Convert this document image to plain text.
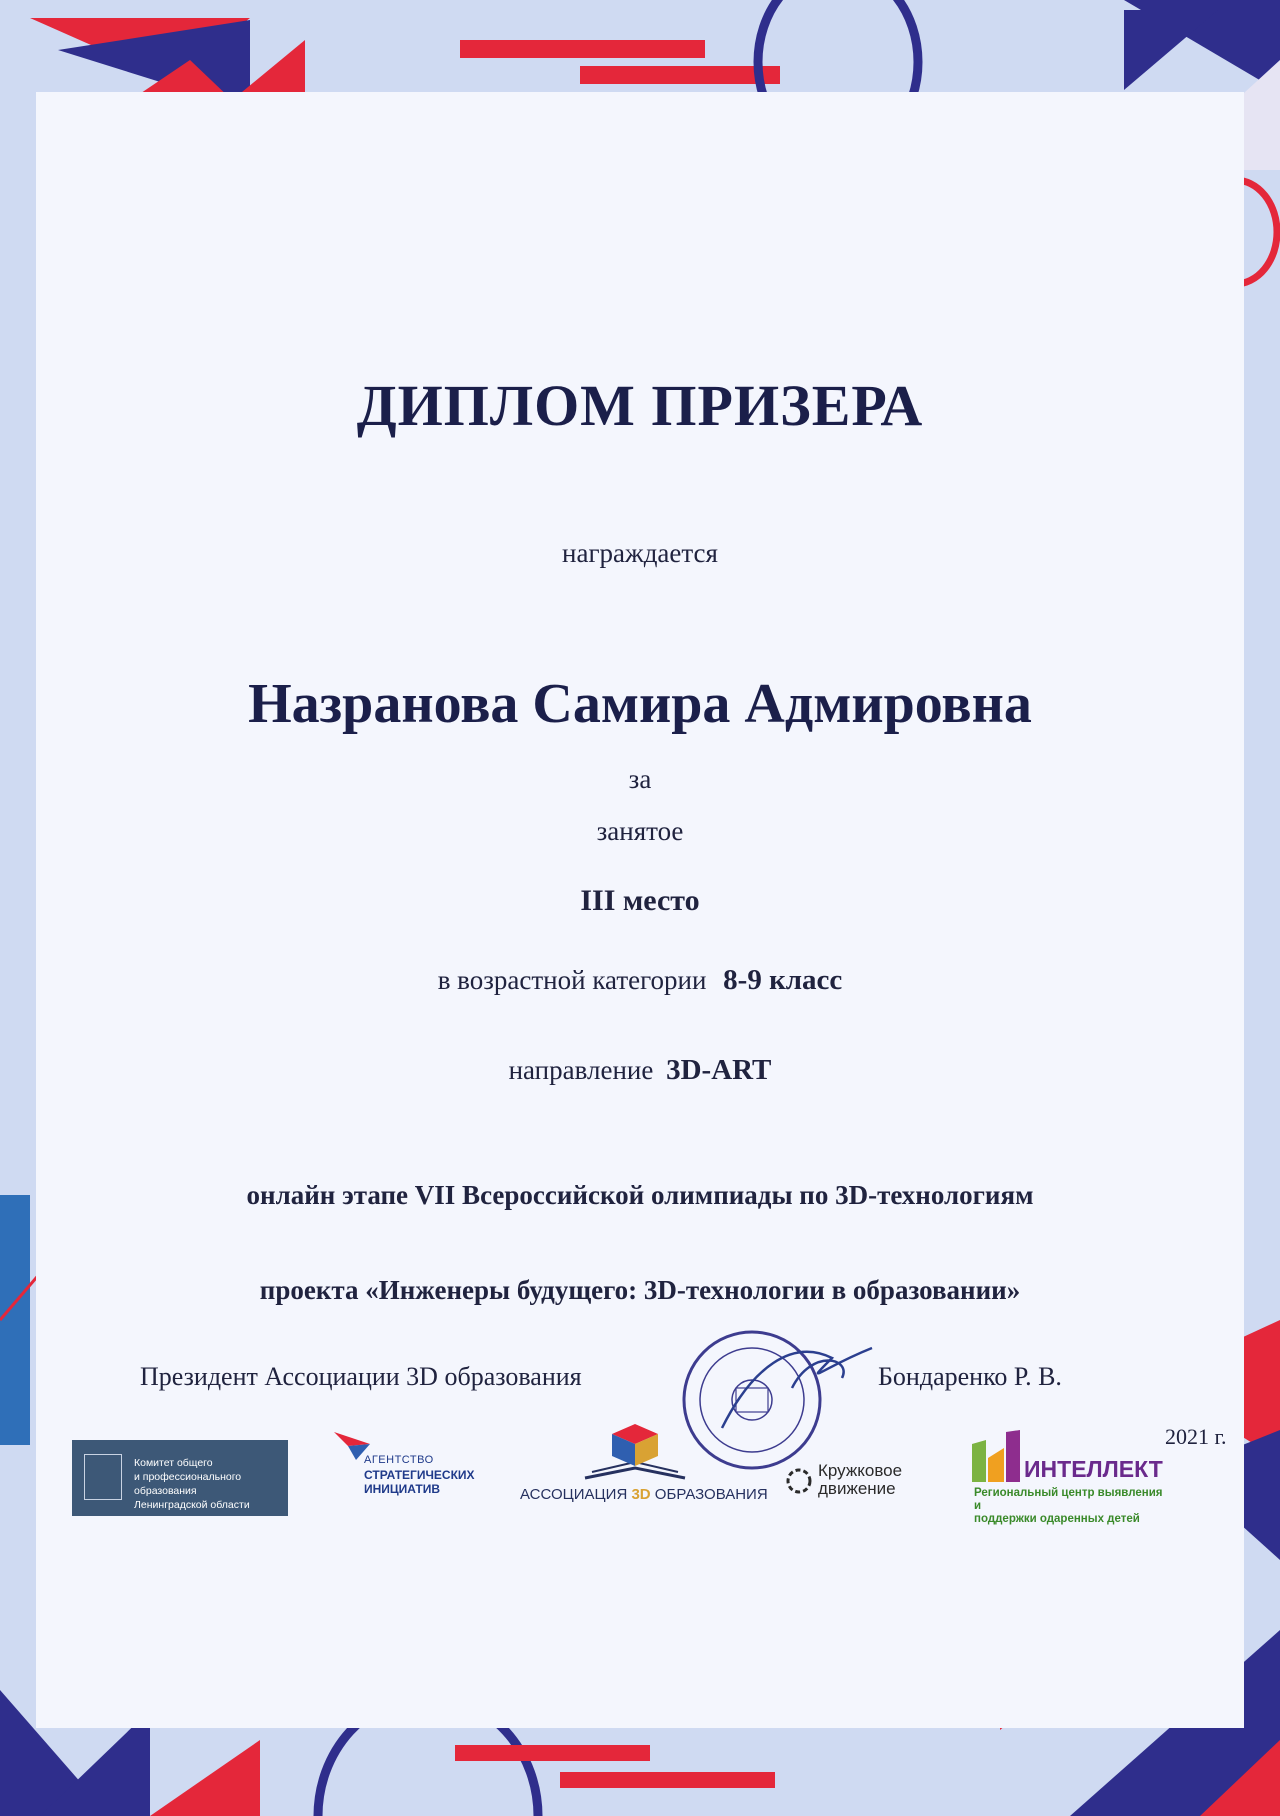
ДИПЛОМ ПРИЗЕРА
награждается
Назранова Самира Адмировна
за
занятое
III место
в возрастной категории 8-9 класс
направление 3D-ART
онлайн этапе VII Всероссийской олимпиады по 3D-технологиям
проекта «Инженеры будущего: 3D-технологии в образовании»
Президент Ассоциации 3D образования	Бондаренко Р. В.
2021 г.
Комитет общего
и профессионального образования
Ленинградской области
АГЕНТСТВО
СТРАТЕГИЧЕСКИХ
ИНИЦИАТИВ	АССОЦИАЦИЯ 3D ОБРАЗОВАНИЯ
Кружковое
движение
ИНТЕЛЛЕКТ
Региональный центр выявления и
поддержки одаренных детей
